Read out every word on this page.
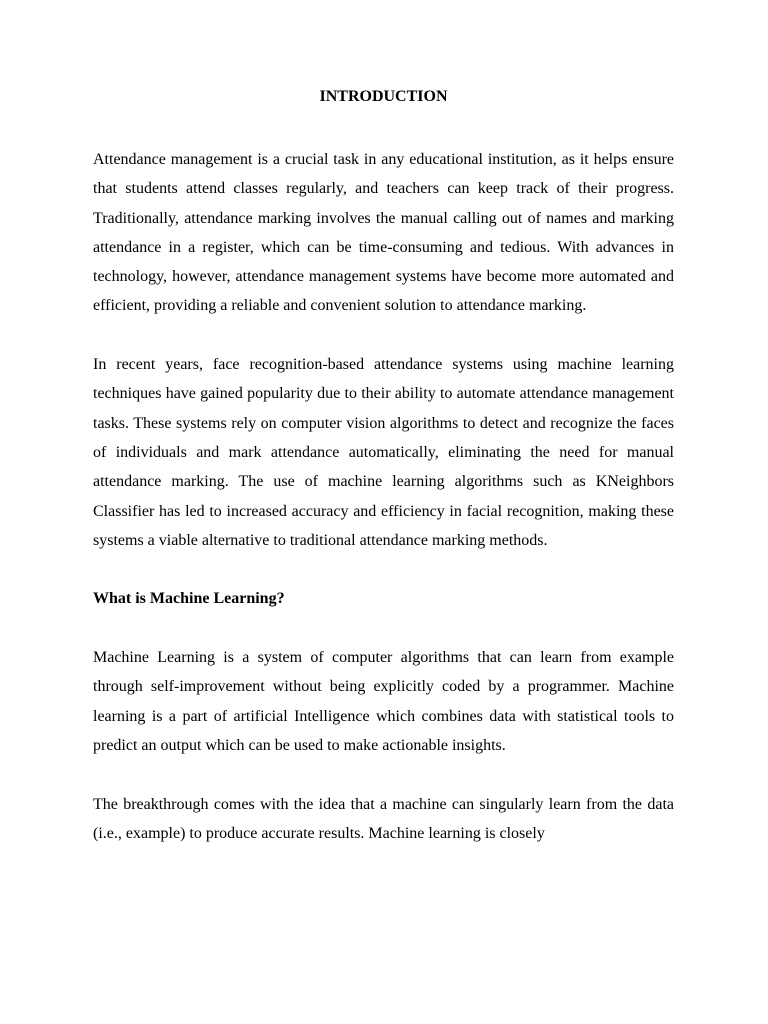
INTRODUCTION

Attendance management is a crucial task in any educational institution, as it helps ensure that students attend classes regularly, and teachers can keep track of their progress. Traditionally, attendance marking involves the manual calling out of names and marking attendance in a register, which can be time-consuming and tedious. With advances in technology, however, attendance management systems have become more automated and efficient, providing a reliable and convenient solution to attendance marking.

In recent years, face recognition-based attendance systems using machine learning techniques have gained popularity due to their ability to automate attendance management tasks. These systems rely on computer vision algorithms to detect and recognize the faces of individuals and mark attendance automatically, eliminating the need for manual attendance marking. The use of machine learning algorithms such as KNeighbors Classifier has led to increased accuracy and efficiency in facial recognition, making these systems a viable alternative to traditional attendance marking methods.

What is Machine Learning?

Machine Learning is a system of computer algorithms that can learn from example through self-improvement without being explicitly coded by a programmer. Machine learning is a part of artificial Intelligence which combines data with statistical tools to predict an output which can be used to make actionable insights.

The breakthrough comes with the idea that a machine can singularly learn from the data (i.e., example) to produce accurate results. Machine learning is closely
